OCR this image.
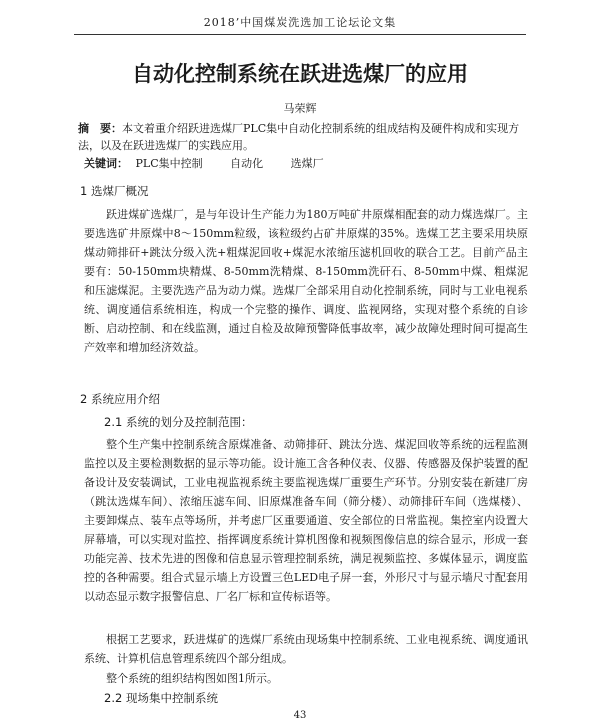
2018’中国煤炭洗选加工论坛论文集
自动化控制系统在跃进选煤厂的应用
马荣辉
摘　要：本文着重介绍跃进选煤厂PLC集中自动化控制系统的组成结构及硬件构成和实现方法，以及在跃进选煤厂的实践应用。
关键词： PLC集中控制	自动化	选煤厂
1 选煤厂概况
跃进煤矿选煤厂，是与年设计生产能力为180万吨矿井原煤相配套的动力煤选煤厂。主要选选矿井原煤中8～150mm粒级，该粒级约占矿井原煤的35%。选煤工艺主要采用块原煤动筛排矸+跳汰分级入洗+粗煤泥回收+煤泥水浓缩压滤机回收的联合工艺。目前产品主要有：50-150mm块精煤、8-50mm洗精煤、8-150mm洗矸石、8-50mm中煤、粗煤泥和压滤煤泥。主要洗选产品为动力煤。选煤厂全部采用自动化控制系统，同时与工业电视系统、调度通信系统相连，构成一个完整的操作、调度、监视网络，实现对整个系统的自诊断、启动控制、和在线监测，通过自检及故障预警降低事故率，减少故障处理时间可提高生产效率和增加经济效益。
2 系统应用介绍
2.1 系统的划分及控制范围：
整个生产集中控制系统含原煤准备、动筛排矸、跳汰分选、煤泥回收等系统的远程监测监控以及主要检测数据的显示等功能。设计施工含各种仪表、仪器、传感器及保护装置的配备设计及安装调试，工业电视监视系统主要监视选煤厂重要生产环节。分别安装在新建厂房（跳汰选煤车间）、浓缩压滤车间、旧原煤准备车间（筛分楼）、动筛排矸车间（选煤楼）、主要卸煤点、装车点等场所，并考虑厂区重要通道、安全部位的日常监视。集控室内设置大屏幕墙，可以实现对监控、指挥调度系统计算机图像和视频图像信息的综合显示，形成一套功能完善、技术先进的图像和信息显示管理控制系统，满足视频监控、多媒体显示，调度监控的各种需要。组合式显示墙上方设置三色LED电子屏一套，外形尺寸与显示墙尺寸配套用以动态显示数字报警信息、厂名厂标和宣传标语等。
根据工艺要求，跃进煤矿的选煤厂系统由现场集中控制系统、工业电视系统、调度通讯系统、计算机信息管理系统四个部分组成。
整个系统的组织结构图如图1所示。
2.2 现场集中控制系统
43
